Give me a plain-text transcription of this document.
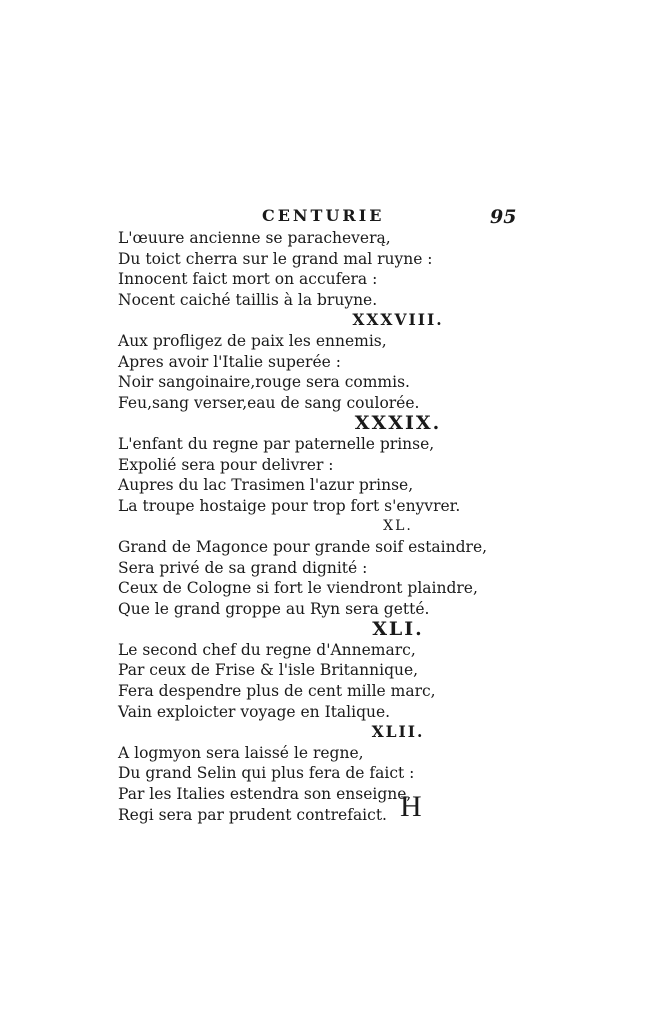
CENTURIE	95
L'œuure ancienne se paracheverą,
Du toict cherra sur le grand mal ruyne :
Innocent faict mort on accufera :
Nocent caiché taillis à la bruyne.
XXXVIII.
Aux profligez de paix les ennemis,
Apres avoir l'Italie superée :
Noir sangoinaire,rouge sera commis.
Feu,sang verser,eau de sang coulorée.
XXXIX.
L'enfant du regne par paternelle prinse,
Expolié sera pour delivrer :
Aupres du lac Trasimen l'azur prinse,
La troupe hostaige pour trop fort s'enyvrer.
XL.
Grand de Magonce pour grande soif estaindre,
Sera privé de sa grand dignité :
Ceux de Cologne si fort le viendront plaindre,
Que le grand groppe au Ryn sera getté.
XLI.
Le second chef du regne d'Annemarc,
Par ceux de Frise & l'isle Britannique,
Fera despendre plus de cent mille marc,
Vain exploicter voyage en Italique.
XLII.
A logmyon sera laissé le regne,
Du grand Selin qui plus fera de faict :
Par les Italies estendra son enseigne,
Regi sera par prudent contrefaict. H
